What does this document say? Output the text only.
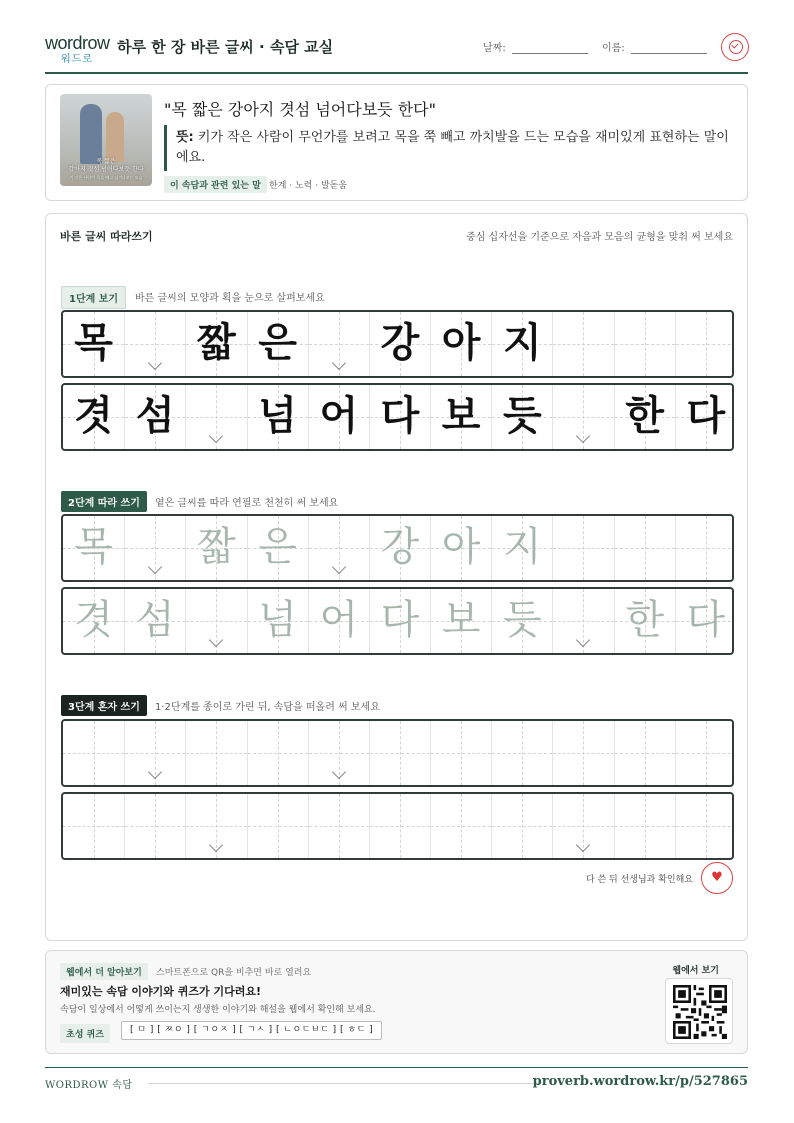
wordrow
워드로
하루 한 장 바른 글씨 · 속담 교실	날짜:	이름:
목 짧은
강아지 겻섬 넘어다보듯 한다
키 작은 사람이 목을 빼고 넘겨다보는 모습
"목 짧은 강아지 겻섬 넘어다보듯 한다"
뜻: 키가 작은 사람이 무언가를 보려고 목을 쭉 빼고 까치발을 드는 모습을 재미있게 표현하는 말이에요.
이 속담과 관련 있는 말 한계 · 노력 · 발돋움
바른 글씨 따라쓰기	중심 십자선을 기준으로 자음과 모음의 균형을 맞춰 써 보세요
1단계 보기	바른 글씨의 모양과 획을 눈으로 살펴보세요
목 짧 은 강 아 지
겻 섬 넘 어 다 보 듯 한 다
2단계 따라 쓰기	옅은 글씨를 따라 연필로 천천히 써 보세요
목 짧 은 강 아 지
겻 섬 넘 어 다 보 듯 한 다
3단계 혼자 쓰기	1·2단계를 종이로 가린 뒤, 속담을 떠올려 써 보세요
다 쓴 뒤 선생님과 확인해요
♥
웹에서 더 알아보기	스마트폰으로 QR을 비추면 바로 열려요
재미있는 속담 이야기와 퀴즈가 기다려요!
속담이 일상에서 어떻게 쓰이는지 생생한 이야기와 해설을 웹에서 확인해 보세요.
초성 퀴즈	[ ㅁ ] [ ㅉㅇ ] [ ㄱㅇㅈ ] [ ㄱㅅ ] [ ㄴㅇㄷㅂㄷ ] [ ㅎㄷ ]
웹에서 보기
WORDROW 속담	proverb.wordrow.kr/p/527865
